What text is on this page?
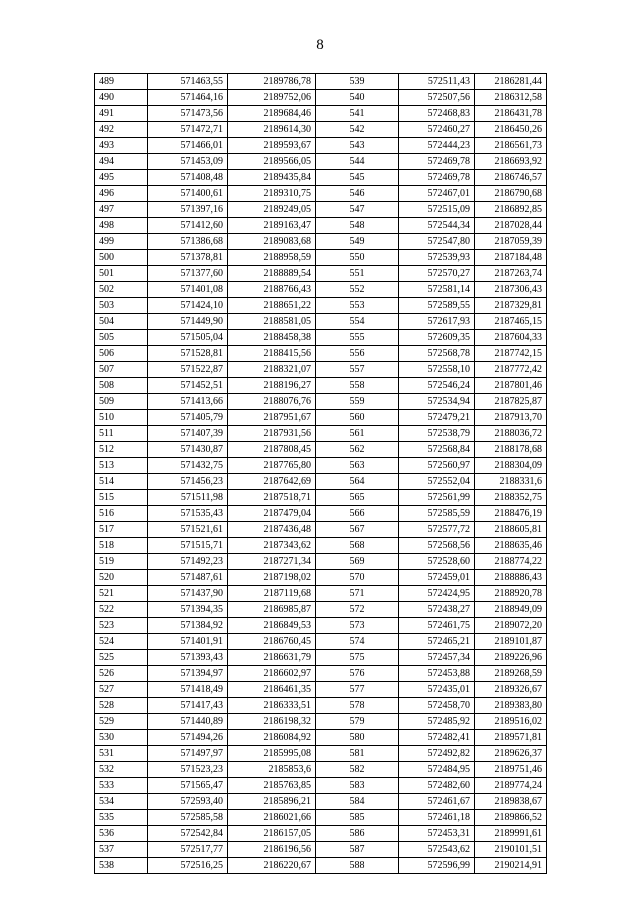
8
489	571463,55	2189786,78	539	572511,43	2186281,44
490	571464,16	2189752,06	540	572507,56	2186312,58
491	571473,56	2189684,46	541	572468,83	2186431,78
492	571472,71	2189614,30	542	572460,27	2186450,26
493	571466,01	2189593,67	543	572444,23	2186561,73
494	571453,09	2189566,05	544	572469,78	2186693,92
495	571408,48	2189435,84	545	572469,78	2186746,57
496	571400,61	2189310,75	546	572467,01	2186790,68
497	571397,16	2189249,05	547	572515,09	2186892,85
498	571412,60	2189163,47	548	572544,34	2187028,44
499	571386,68	2189083,68	549	572547,80	2187059,39
500	571378,81	2188958,59	550	572539,93	2187184,48
501	571377,60	2188889,54	551	572570,27	2187263,74
502	571401,08	2188766,43	552	572581,14	2187306,43
503	571424,10	2188651,22	553	572589,55	2187329,81
504	571449,90	2188581,05	554	572617,93	2187465,15
505	571505,04	2188458,38	555	572609,35	2187604,33
506	571528,81	2188415,56	556	572568,78	2187742,15
507	571522,87	2188321,07	557	572558,10	2187772,42
508	571452,51	2188196,27	558	572546,24	2187801,46
509	571413,66	2188076,76	559	572534,94	2187825,87
510	571405,79	2187951,67	560	572479,21	2187913,70
511	571407,39	2187931,56	561	572538,79	2188036,72
512	571430,87	2187808,45	562	572568,84	2188178,68
513	571432,75	2187765,80	563	572560,97	2188304,09
514	571456,23	2187642,69	564	572552,04	2188331,6
515	571511,98	2187518,71	565	572561,99	2188352,75
516	571535,43	2187479,04	566	572585,59	2188476,19
517	571521,61	2187436,48	567	572577,72	2188605,81
518	571515,71	2187343,62	568	572568,56	2188635,46
519	571492,23	2187271,34	569	572528,60	2188774,22
520	571487,61	2187198,02	570	572459,01	2188886,43
521	571437,90	2187119,68	571	572424,95	2188920,78
522	571394,35	2186985,87	572	572438,27	2188949,09
523	571384,92	2186849,53	573	572461,75	2189072,20
524	571401,91	2186760,45	574	572465,21	2189101,87
525	571393,43	2186631,79	575	572457,34	2189226,96
526	571394,97	2186602,97	576	572453,88	2189268,59
527	571418,49	2186461,35	577	572435,01	2189326,67
528	571417,43	2186333,51	578	572458,70	2189383,80
529	571440,89	2186198,32	579	572485,92	2189516,02
530	571494,26	2186084,92	580	572482,41	2189571,81
531	571497,97	2185995,08	581	572492,82	2189626,37
532	571523,23	2185853,6	582	572484,95	2189751,46
533	571565,47	2185763,85	583	572482,60	2189774,24
534	572593,40	2185896,21	584	572461,67	2189838,67
535	572585,58	2186021,66	585	572461,18	2189866,52
536	572542,84	2186157,05	586	572453,31	2189991,61
537	572517,77	2186196,56	587	572543,62	2190101,51
538	572516,25	2186220,67	588	572596,99	2190214,91
